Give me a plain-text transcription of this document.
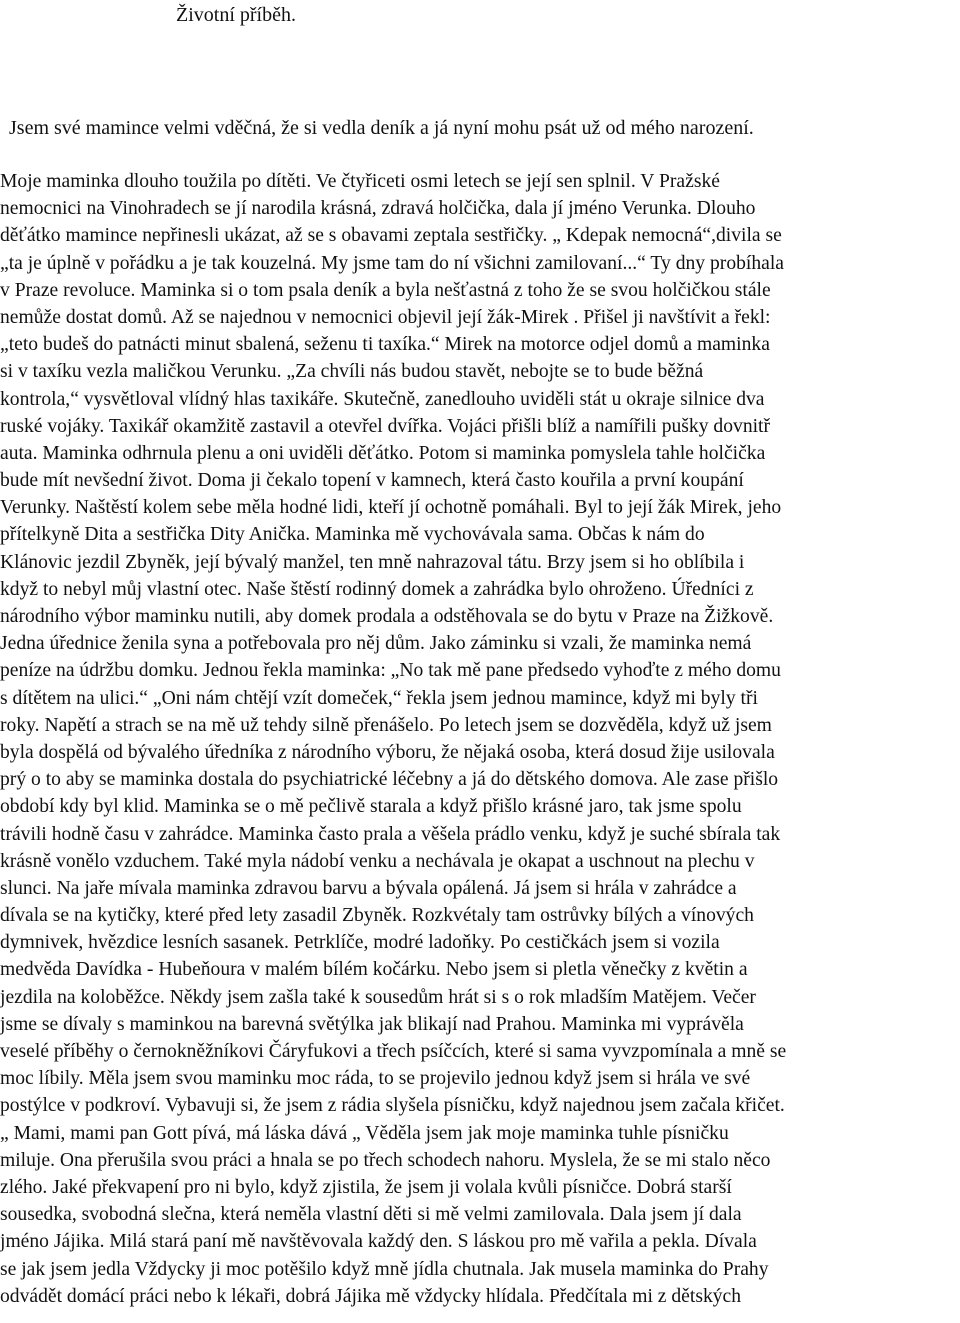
Životní příběh.

Jsem své mamince velmi vděčná, že si vedla deník a já nyní mohu psát už od mého narození.

Moje maminka dlouho toužila po dítěti. Ve čtyřiceti osmi letech se její sen splnil. V Pražské
nemocnici na Vinohradech se jí narodila krásná, zdravá holčička, dala jí jméno Verunka. Dlouho
děťátko mamince nepřinesli ukázat, až se s obavami zeptala sestřičky. „ Kdepak nemocná“,divila se
„ta je úplně v pořádku a je tak kouzelná. My jsme tam do ní všichni zamilovaní...“ Ty dny probíhala
v Praze revoluce. Maminka si o tom psala deník a byla nešťastná z toho že se svou holčičkou stále
nemůže dostat domů. Až se najednou v nemocnici objevil její žák-Mirek . Přišel ji navštívit a řekl:
„teto budeš do patnácti minut sbalená, seženu ti taxíka.“ Mirek na motorce odjel domů a maminka
si v taxíku vezla maličkou Verunku. „Za chvíli nás budou stavět, nebojte se to bude běžná
kontrola,“ vysvětloval vlídný hlas taxikáře. Skutečně, zanedlouho uviděli stát u okraje silnice dva
ruské vojáky. Taxikář okamžitě zastavil a otevřel dvířka. Vojáci přišli blíž a namířili pušky dovnitř
auta. Maminka odhrnula plenu a oni uviděli děťátko. Potom si maminka pomyslela tahle holčička
bude mít nevšední život. Doma ji čekalo topení v kamnech, která často kouřila a první koupání
Verunky. Naštěstí kolem sebe měla hodné lidi, kteří jí ochotně pomáhali. Byl to její žák Mirek, jeho
přítelkyně Dita a sestřička Dity Anička. Maminka mě vychovávala sama. Občas k nám do
Klánovic jezdil Zbyněk, její bývalý manžel, ten mně nahrazoval tátu. Brzy jsem si ho oblíbila i
když to nebyl můj vlastní otec. Naše štěstí rodinný domek a zahrádka bylo ohroženo. Úředníci z
národního výbor maminku nutili, aby domek prodala a odstěhovala se do bytu v Praze na Žižkově.
Jedna úřednice ženila syna a potřebovala pro něj dům. Jako záminku si vzali, že maminka nemá
peníze na údržbu domku. Jednou řekla maminka: „No tak mě pane předsedo vyhoďte z mého domu
s dítětem na ulici.“ „Oni nám chtějí vzít domeček,“ řekla jsem jednou mamince, když mi byly tři
roky. Napětí a strach se na mě už tehdy silně přenášelo. Po letech jsem se dozvěděla, když už jsem
byla dospělá od bývalého úředníka z národního výboru, že nějaká osoba, která dosud žije usilovala
prý o to aby se maminka dostala do psychiatrické léčebny a já do dětského domova. Ale zase přišlo
období kdy byl klid. Maminka se o mě pečlivě starala a když přišlo krásné jaro, tak jsme spolu
trávili hodně času v zahrádce. Maminka často prala a věšela prádlo venku, když je suché sbírala tak
krásně vonělo vzduchem. Také myla nádobí venku a nechávala je okapat a uschnout na plechu v
slunci. Na jaře mívala maminka zdravou barvu a bývala opálená. Já jsem si hrála v zahrádce a
dívala se na kytičky, které před lety zasadil Zbyněk. Rozkvétaly tam ostrůvky bílých a vínových
dymnivek, hvězdice lesních sasanek. Petrklíče, modré ladoňky. Po cestičkách jsem si vozila
medvěda Davídka - Hubeňoura v malém bílém kočárku. Nebo jsem si pletla věnečky z květin a
jezdila na koloběžce. Někdy jsem zašla také k sousedům hrát si s o rok mladším Matějem. Večer
jsme se dívaly s maminkou na barevná světýlka jak blikají nad Prahou. Maminka mi vyprávěla
veselé příběhy o černokněžníkovi Čáryfukovi a třech psíčcích, které si sama vyvzpomínala a mně se
moc líbily. Měla jsem svou maminku moc ráda, to se projevilo jednou když jsem si hrála ve své
postýlce v podkroví. Vybavuji si, že jsem z rádia slyšela písničku, když najednou jsem začala křičet.
„ Mami, mami pan Gott pívá, má láska dává „ Věděla jsem jak moje maminka tuhle písničku
miluje. Ona přerušila svou práci a hnala se po třech schodech nahoru. Myslela, že se mi stalo něco
zlého. Jaké překvapení pro ni bylo, když zjistila, že jsem ji volala kvůli písničce. Dobrá starší
sousedka, svobodná slečna, která neměla vlastní děti si mě velmi zamilovala. Dala jsem jí dala
jméno Jájika. Milá stará paní mě navštěvovala každý den. S láskou pro mě vařila a pekla. Dívala
se jak jsem jedla Vždycky ji moc potěšilo když mně jídla chutnala. Jak musela maminka do Prahy
odvádět domácí práci nebo k lékaři, dobrá Jájika mě vždycky hlídala. Předčítala mi z dětských
